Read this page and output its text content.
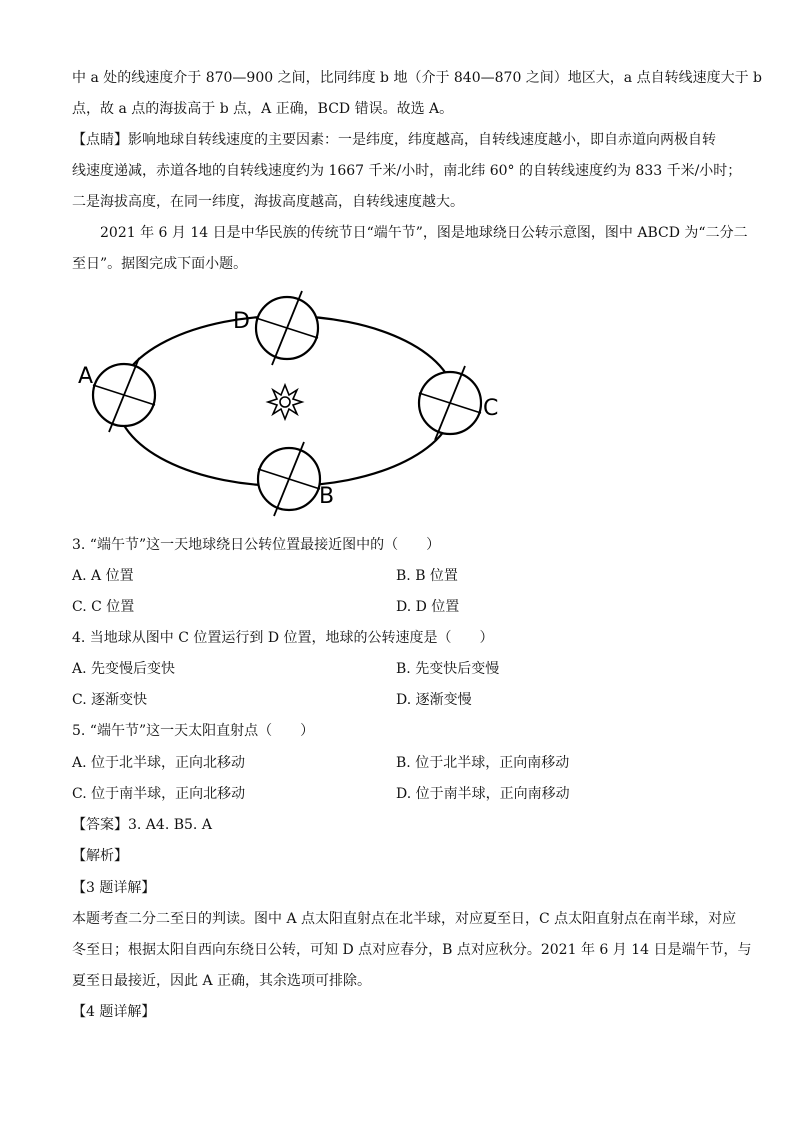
中 a 处的线速度介于 870—900 之间，比同纬度 b 地（介于 840—870 之间）地区大，a 点自转线速度大于 b
点，故 a 点的海拔高于 b 点，A 正确，BCD 错误。故选 A。
【点睛】影响地球自转线速度的主要因素：一是纬度，纬度越高，自转线速度越小，即自赤道向两极自转
线速度递减，赤道各地的自转线速度约为 1667 千米/小时，南北纬 60° 的自转线速度约为 833 千米/小时；
二是海拔高度，在同一纬度，海拔高度越高，自转线速度越大。
2021 年 6 月 14 日是中华民族的传统节日“端午节”，图是地球绕日公转示意图，图中 ABCD 为“二分二
至日”。据图完成下面小题。
A
D
C
B
3. “端午节”这一天地球绕日公转位置最接近图中的（　　）
A. A 位置	B. B 位置
C. C 位置	D. D 位置
4. 当地球从图中 C 位置运行到 D 位置，地球的公转速度是（　　）
A. 先变慢后变快	B. 先变快后变慢
C. 逐渐变快	D. 逐渐变慢
5. “端午节”这一天太阳直射点（　　）
A. 位于北半球，正向北移动	B. 位于北半球，正向南移动
C. 位于南半球，正向北移动	D. 位于南半球，正向南移动
【答案】3. A4. B5. A
【解析】
【3 题详解】
本题考查二分二至日的判读。图中 A 点太阳直射点在北半球，对应夏至日，C 点太阳直射点在南半球，对应
冬至日；根据太阳自西向东绕日公转，可知 D 点对应春分，B 点对应秋分。2021 年 6 月 14 日是端午节，与
夏至日最接近，因此 A 正确，其余选项可排除。
【4 题详解】
